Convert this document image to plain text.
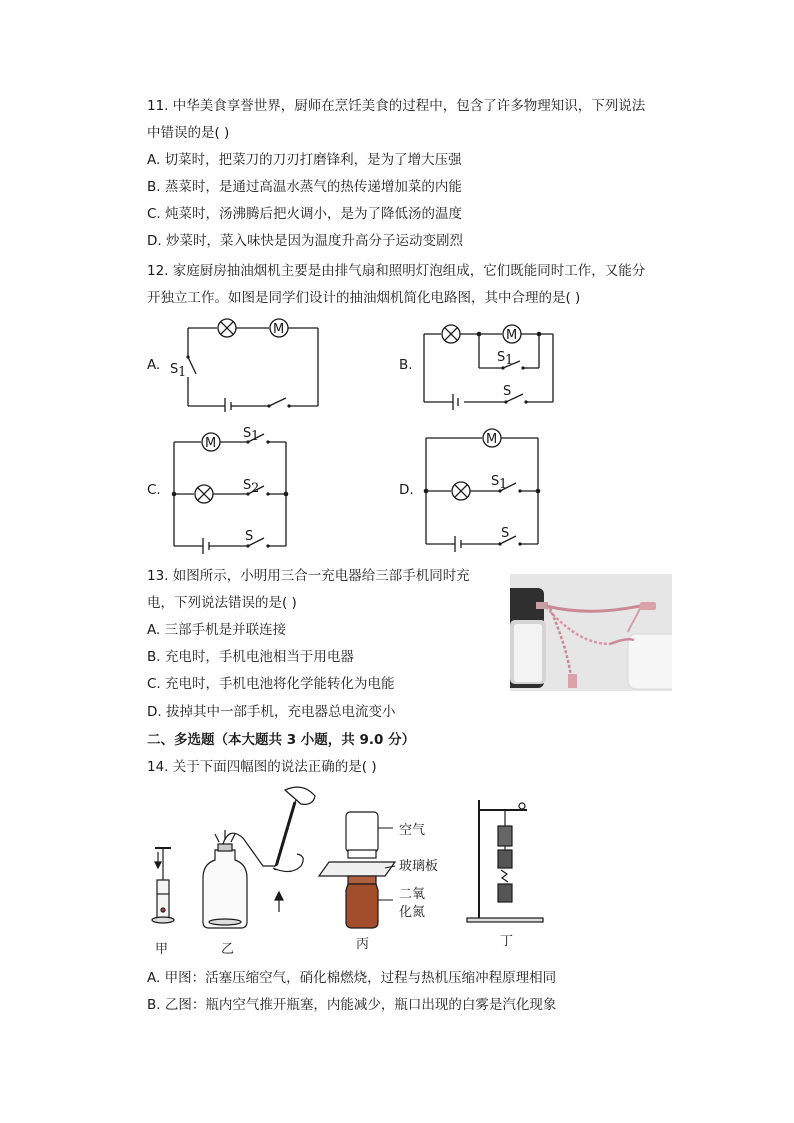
11. 中华美食享誉世界，厨师在烹饪美食的过程中，包含了许多物理知识，下列说法
中错误的是( )
A. 切菜时，把菜刀的刀刃打磨锋利，是为了增大压强
B. 蒸菜时，是通过高温水蒸气的热传递增加菜的内能
C. 炖菜时，汤沸腾后把火调小，是为了降低汤的温度
D. 炒菜时，菜入味快是因为温度升高分子运动变剧烈
12. 家庭厨房抽油烟机主要是由排气扇和照明灯泡组成，它们既能同时工作，又能分
开独立工作。如图是同学们设计的抽油烟机简化电路图，其中合理的是( )
A.
M
S 1	B.
M
S 1
S
C.
M
S 1
S 2
S
D.
M
S 1
S
13. 如图所示，小明用三合一充电器给三部手机同时充
电，下列说法错误的是( )
A. 三部手机是并联连接
B. 充电时，手机电池相当于用电器
C. 充电时，手机电池将化学能转化为电能
D. 拔掉其中一部手机，充电器总电流变小
二、多选题（本大题共 3 小题，共 9.0 分）
14. 关于下面四幅图的说法正确的是( )
甲	乙
空气
玻璃板
二氧
化氮
丙	丁
A. 甲图：活塞压缩空气，硝化棉燃烧，过程与热机压缩冲程原理相同
B. 乙图：瓶内空气推开瓶塞，内能减少，瓶口出现的白雾是汽化现象
